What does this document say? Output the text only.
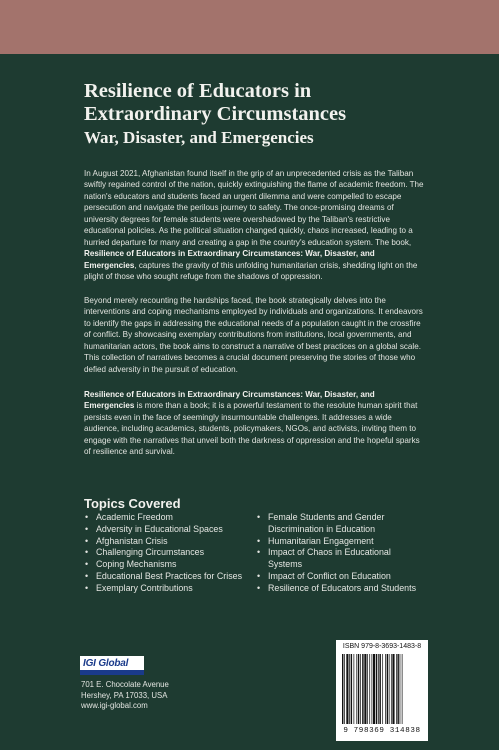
Resilience of Educators in Extraordinary Circumstances
War, Disaster, and Emergencies

In August 2021, Afghanistan found itself in the grip of an unprecedented crisis as the Taliban swiftly regained control of the nation, quickly extinguishing the flame of academic freedom. The nation's educators and students faced an urgent dilemma and were compelled to escape persecution and navigate the perilous journey to safety. The once-promising dreams of university degrees for female students were overshadowed by the Taliban's restrictive educational policies. As the political situation changed quickly, chaos increased, leading to a hurried departure for many and creating a gap in the country's education system. The book, Resilience of Educators in Extraordinary Circumstances: War, Disaster, and Emergencies, captures the gravity of this unfolding humanitarian crisis, shedding light on the plight of those who sought refuge from the shadows of oppression.

Beyond merely recounting the hardships faced, the book strategically delves into the interventions and coping mechanisms employed by individuals and organizations. It endeavors to identify the gaps in addressing the educational needs of a population caught in the crossfire of conflict. By showcasing exemplary contributions from institutions, local governments, and humanitarian actors, the book aims to construct a narrative of best practices on a global scale. This collection of narratives becomes a crucial document preserving the stories of those who defied adversity in the pursuit of education.

Resilience of Educators in Extraordinary Circumstances: War, Disaster, and Emergencies is more than a book; it is a powerful testament to the resolute human spirit that persists even in the face of seemingly insurmountable challenges. It addresses a wide audience, including academics, students, policymakers, NGOs, and activists, inviting them to engage with the narratives that unveil both the darkness of oppression and the hopeful sparks of resilience and survival.

Topics Covered
• Academic Freedom
• Adversity in Educational Spaces
• Afghanistan Crisis
• Challenging Circumstances
• Coping Mechanisms
• Educational Best Practices for Crises
• Exemplary Contributions
• Female Students and Gender Discrimination in Education
• Humanitarian Engagement
• Impact of Chaos in Educational Systems
• Impact of Conflict on Education
• Resilience of Educators and Students
IGI Global
701 E. Chocolate Avenue
Hershey, PA 17033, USA
www.igi-global.com
ISBN 979-8-3693-1483-8
9 798369 314838
